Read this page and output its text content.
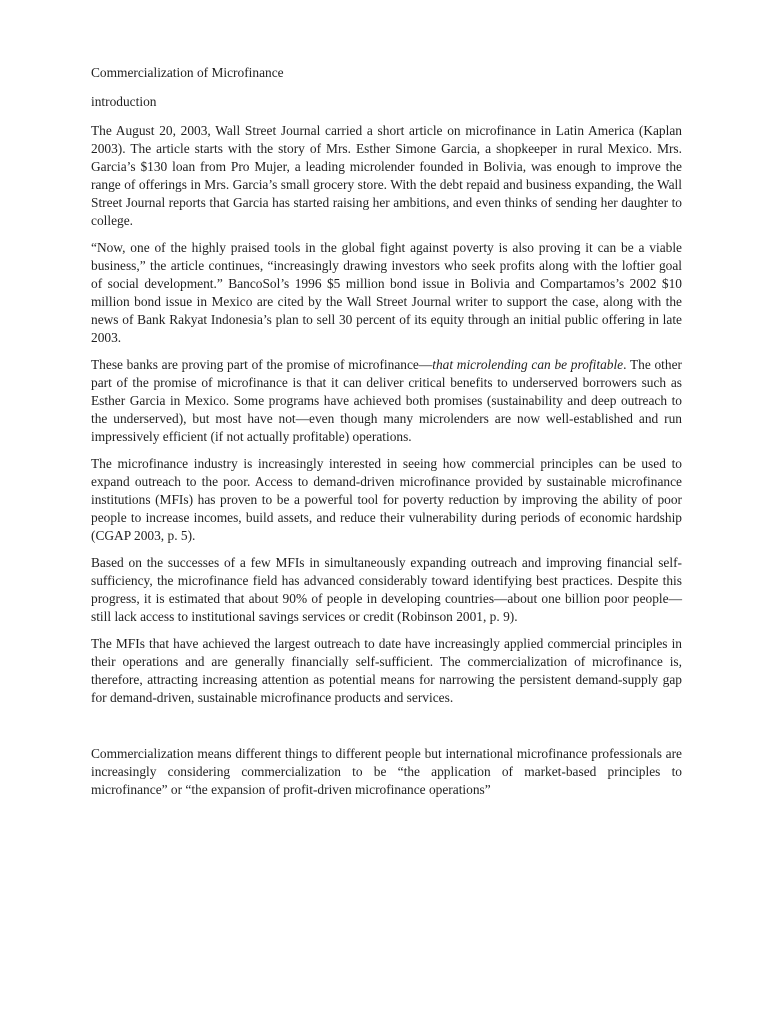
Commercialization of Microfinance

introduction

The August 20, 2003, Wall Street Journal carried a short article on microfinance in Latin America (Kaplan 2003). The article starts with the story of Mrs. Esther Simone Garcia, a shopkeeper in rural Mexico. Mrs. Garcia’s $130 loan from Pro Mujer, a leading microlender founded in Bolivia, was enough to improve the range of offerings in Mrs. Garcia’s small grocery store. With the debt repaid and business expanding, the Wall Street Journal reports that Garcia has started raising her ambitions, and even thinks of sending her daughter to college.

“Now, one of the highly praised tools in the global fight against poverty is also proving it can be a viable business,” the article continues, “increasingly drawing investors who seek profits along with the loftier goal of social development.” BancoSol’s 1996 $5 million bond issue in Bolivia and Compartamos’s 2002 $10 million bond issue in Mexico are cited by the Wall Street Journal writer to support the case, along with the news of Bank Rakyat Indonesia’s plan to sell 30 percent of its equity through an initial public offering in late 2003.

These banks are proving part of the promise of microfinance—that microlending can be profitable. The other part of the promise of microfinance is that it can deliver critical benefits to underserved borrowers such as Esther Garcia in Mexico. Some programs have achieved both promises (sustainability and deep outreach to the underserved), but most have not—even though many microlenders are now well-established and run impressively efficient (if not actually profitable) operations.

The microfinance industry is increasingly interested in seeing how commercial principles can be used to expand outreach to the poor. Access to demand-driven microfinance provided by sustainable microfinance institutions (MFIs) has proven to be a powerful tool for poverty reduction by improving the ability of poor people to increase incomes, build assets, and reduce their vulnerability during periods of economic hardship (CGAP 2003, p. 5).

Based on the successes of a few MFIs in simultaneously expanding outreach and improving financial self-sufficiency, the microfinance field has advanced considerably toward identifying best practices. Despite this progress, it is estimated that about 90% of people in developing countries—about one billion poor people—still lack access to institutional savings services or credit (Robinson 2001, p. 9).

The MFIs that have achieved the largest outreach to date have increasingly applied commercial principles in their operations and are generally financially self-sufficient. The commercialization of microfinance is, therefore, attracting increasing attention as potential means for narrowing the persistent demand-supply gap for demand-driven, sustainable microfinance products and services.

Commercialization means different things to different people but international microfinance professionals are increasingly considering commercialization to be “the application of market-based principles to microfinance” or “the expansion of profit-driven microfinance operations”
